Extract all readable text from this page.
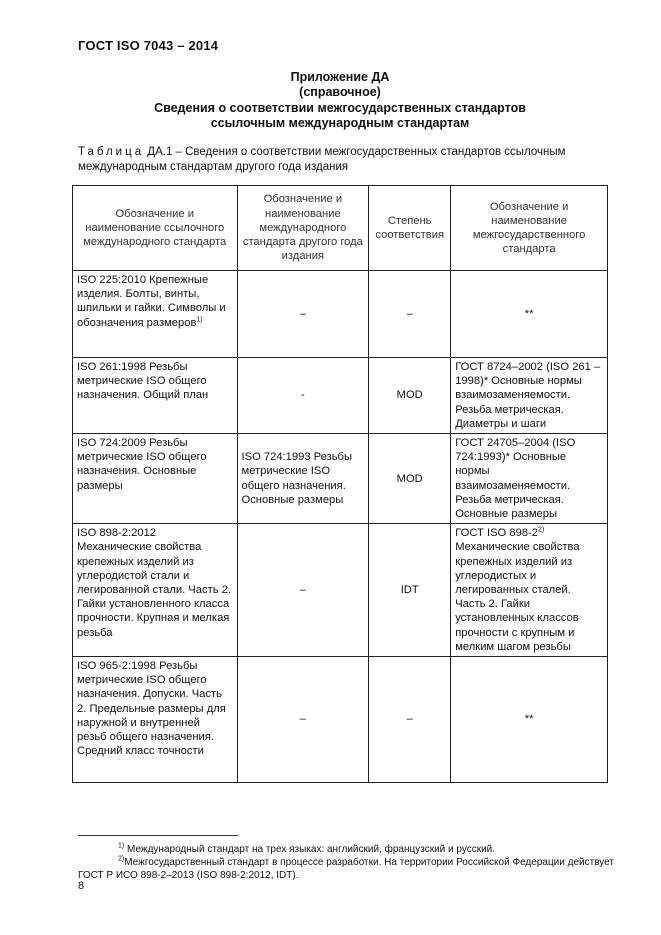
ГОСТ ISO 7043 – 2014
Приложение ДА
(справочное)
Сведения о соответствии межгосударственных стандартов
ссылочным международным стандартам
Таблица ДА.1 – Сведения о соответствии межгосударственных стандартов ссылочным международным стандартам другого года издания
Обозначение и наименование ссылочного международного стандарта	Обозначение и наименование международного стандарта другого года издания	Степень соответствия	Обозначение и наименование межгосударственного стандарта
ISO 225:2010 Крепежные изделия. Болты, винты, шпильки и гайки. Символы и обозначения размеров$^{1)}$	–	–	**
ISO 261:1998 Резьбы метрические ISO общего назначения. Общий план	-	MOD	ГОСТ 8724–2002 (ISO 261 – 1998)* Основные нормы взаимозаменяемости. Резьба метрическая. Диаметры и шаги
ISO 724:2009 Резьбы метрические ISO общего назначения. Основные размеры	ISO 724:1993 Резьбы метрические ISO общего назначения. Основные размеры	MOD	ГОСТ 24705–2004 (ISO 724:1993)* Основные нормы взаимозаменяемости. Резьба метрическая. Основные размеры
ISO 898-2:2012 Механические свойства крепежных изделий из углеродистой стали и легированной стали. Часть 2. Гайки установленного класса прочности. Крупная и мелкая резьба	–	IDT	ГОСТ ISO 898-2$^{2)}$ Механические свойства крепежных изделий из углеродистых и легированных сталей. Часть 2. Гайки установленных классов прочности с крупным и мелким шагом резьбы
ISO 965-2:1998 Резьбы метрические ISO общего назначения. Допуски. Часть 2. Предельные размеры для наружной и внутренней резьб общего назначения. Средний класс точности	–	–	**
$^{1)}$ Международный стандарт на трех языках: английский, французский и русский.
$^{2)}$Межгосударственный стандарт в процессе разработки. На территории Российской Федерации действует ГОСТ Р ИСО 898-2–2013 (ISO 898-2:2012, IDT).
8
